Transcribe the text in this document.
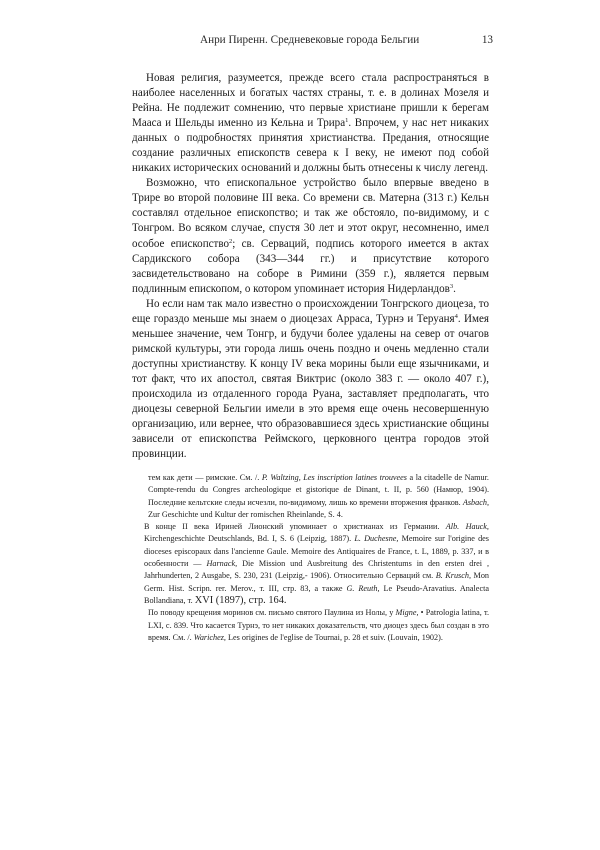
Анри Пиренн. Средневековые города Бельгии	13

Новая религия, разумеется, прежде всего стала распространяться в наиболее населенных и богатых частях страны, т. е. в долинах Мозеля и Рейна. Не подлежит сомнению, что первые христиане пришли к берегам Мааса и Шельды именно из Кельна и Трира$^1$. Впрочем, у нас нет никаких данных о подробностях принятия христианства. Предания, относящие создание различных епископств севера к I веку, не имеют под собой никаких исторических оснований и должны быть отнесены к числу легенд.

Возможно, что епископальное устройство было впервые введено в Трире во второй половине III века. Со времени св. Матерна (313 г.) Кельн составлял отдельное епископство; и так же обстояло, по-видимому, и с Тонгром. Во всяком случае, спустя 30 лет и этот округ, несомненно, имел особое епископство$^2$; св. Серваций, подпись которого имеется в актах Сардикского собора (343—344 гг.) и присутствие которого засвидетельствовано на соборе в Римини (359 г.), является первым подлинным епископом, о котором упоминает история Нидерландов$^3$.

Но если нам так мало известно о происхождении Тонгрского диоцеза, то еще гораздо меньше мы знаем о диоцезах Арраса, Турнэ и Теруаня$^4$. Имея меньшее значение, чем Тонгр, и будучи более удалены на север от очагов римской культуры, эти города лишь очень поздно и очень медленно стали доступны христианству. К концу IV века морины были еще язычниками, и тот факт, что их апостол, святая Виктрис (около 383 г. — около 407 г.), происходила из отдаленного города Руана, заставляет предполагать, что диоцезы северной Бельгии имели в это время еще очень несовершенную организацию, или вернее, что образовавшиеся здесь христианские общины зависели от епископства Реймского, церковного центра городов этой провинции.

тем как дети — римские. См. /. P. Waltzing, Les inscription latines trouvees a la citadelle de Namur. Compte-rendu du Congres archeologique et gistorique de Dinant, t. II, p. 560 (Намюр, 1904). Последние кельтские следы исчезли, по-видимому, лишь ко времени вторжения франков. Asbach, Zur Geschichte und Kultur der romischen Rheinlande, S. 4.

В конце II века Ириней Лионский упоминает о христианах из Германии. Alb. Hauck, Kirchengeschichte Deutschlands, Bd. I, S. 6 (Leipzig, 1887). L. Duchesne, Memoire sur l'origine des dioceses episcopaux dans l'ancienne Gaule. Memoire des Antiquaires de France, t. L, 1889, p. 337, и в особенности — Harnack, Die Mission und Ausbreitung des Christentums in den ersten drei , Jahrhunderten, 2 Ausgabe, S. 230, 231 (Leipzig,- 1906). Относительно Серваций см. B. Krusch, Mon Germ. Hist. Scripn. rer. Merov., т. III, стр. 83, а также G. Reuth, Le Pseudo-Aravatius. Analecta Bollandiana, т. XVI (1897), стр. 164.

По поводу крещения моринов см. письмо святого Паулина из Нолы, у Migne, • Patrologia latina, т. LXI, с. 839. Что касается Турнэ, то нет никаких доказательств, что диоцез здесь был создан в это время. См. /. Warichez, Les origines de l'eglise de Tournai, p. 28 et suiv. (Louvain, 1902).
